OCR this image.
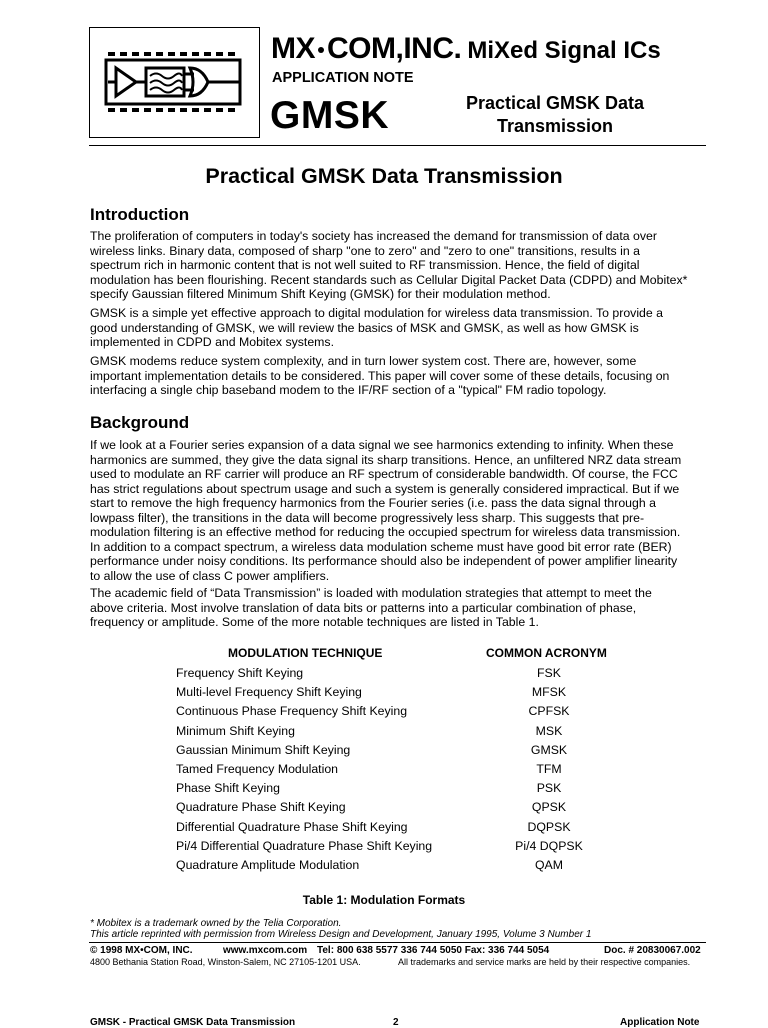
MX COM,INC. MiXed Signal ICs
APPLICATION NOTE
GMSK	Practical GMSK Data Transmission
Practical GMSK Data Transmission
Introduction

The proliferation of computers in today's society has increased the demand for transmission of data over
wireless links. Binary data, composed of sharp "one to zero" and "zero to one" transitions, results in a
spectrum rich in harmonic content that is not well suited to RF transmission. Hence, the field of digital
modulation has been flourishing. Recent standards such as Cellular Digital Packet Data (CDPD) and Mobitex*
specify Gaussian filtered Minimum Shift Keying (GMSK) for their modulation method.

GMSK is a simple yet effective approach to digital modulation for wireless data transmission. To provide a
good understanding of GMSK, we will review the basics of MSK and GMSK, as well as how GMSK is
implemented in CDPD and Mobitex systems.

GMSK modems reduce system complexity, and in turn lower system cost. There are, however, some
important implementation details to be considered. This paper will cover some of these details, focusing on
interfacing a single chip baseband modem to the IF/RF section of a "typical" FM radio topology.

Background

If we look at a Fourier series expansion of a data signal we see harmonics extending to infinity. When these
harmonics are summed, they give the data signal its sharp transitions. Hence, an unfiltered NRZ data stream
used to modulate an RF carrier will produce an RF spectrum of considerable bandwidth. Of course, the FCC
has strict regulations about spectrum usage and such a system is generally considered impractical. But if we
start to remove the high frequency harmonics from the Fourier series (i.e. pass the data signal through a
lowpass filter), the transitions in the data will become progressively less sharp. This suggests that pre-
modulation filtering is an effective method for reducing the occupied spectrum for wireless data transmission.
In addition to a compact spectrum, a wireless data modulation scheme must have good bit error rate (BER)
performance under noisy conditions. Its performance should also be independent of power amplifier linearity
to allow the use of class C power amplifiers.

The academic field of “Data Transmission” is loaded with modulation strategies that attempt to meet the
above criteria. Most involve translation of data bits or patterns into a particular combination of phase,
frequency or amplitude. Some of the more notable techniques are listed in Table 1.

MODULATION TECHNIQUE	COMMON ACRONYM
Frequency Shift Keying	FSK
Multi-level Frequency Shift Keying	MFSK
Continuous Phase Frequency Shift Keying	CPFSK
Minimum Shift Keying	MSK
Gaussian Minimum Shift Keying	GMSK
Tamed Frequency Modulation	TFM
Phase Shift Keying	PSK
Quadrature Phase Shift Keying	QPSK
Differential Quadrature Phase Shift Keying	DQPSK
Pi/4 Differential Quadrature Phase Shift Keying	Pi/4 DQPSK
Quadrature Amplitude Modulation	QAM
Table 1: Modulation Formats
* Mobitex is a trademark owned by the Telia Corporation.
This article reprinted with permission from Wireless Design and Development, January 1995, Volume 3 Number 1
© 1998 MX•COM, INC.	www.mxcom.com Tel: 800 638 5577 336 744 5050 Fax: 336 744 5054	Doc. # 20830067.002
4800 Bethania Station Road, Winston-Salem, NC 27105-1201 USA.	All trademarks and service marks are held by their respective companies.
GMSK - Practical GMSK Data Transmission	2	Application Note
